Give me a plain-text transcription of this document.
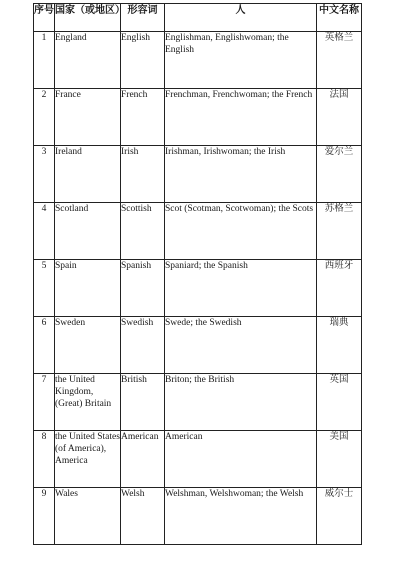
序号	国家（或地区）	形容词	人	中文名称
1	England	English	Englishman, Englishwoman; the English	英格兰
2	France	French	Frenchman, Frenchwoman; the French	法国
3	Ireland	Irish	Irishman, Irishwoman; the Irish	爱尔兰
4	Scotland	Scottish	Scot (Scotman, Scotwoman); the Scots	苏格兰
5	Spain	Spanish	Spaniard; the Spanish	西班牙
6	Sweden	Swedish	Swede; the Swedish	瑞典
7	the United Kingdom, (Great) Britain	British	Briton; the British	英国
8	the United States (of America), America	American	American	美国
9	Wales	Welsh	Welshman, Welshwoman; the Welsh	威尔士
